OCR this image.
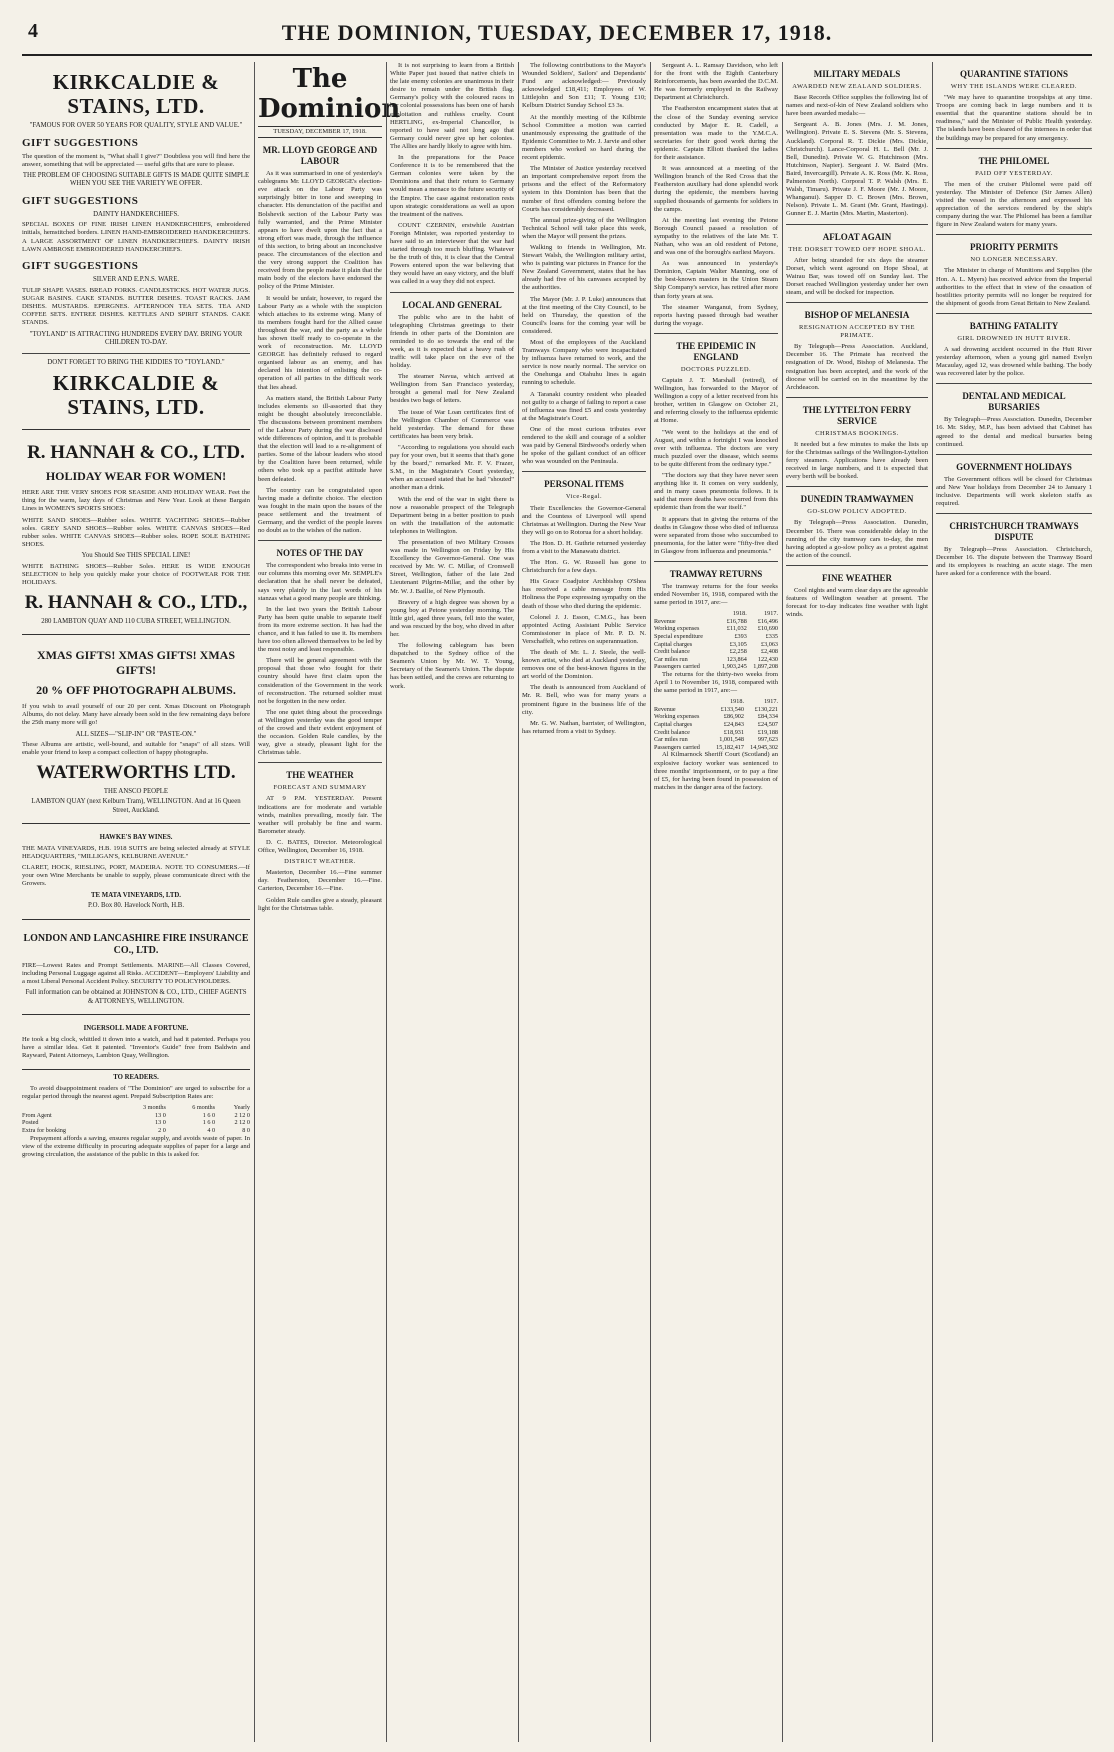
4	THE DOMINION, TUESDAY, DECEMBER 17, 1918.
KIRKCALDIE & STAINS, LTD.
"FAMOUS FOR OVER 50 YEARS FOR QUALITY, STYLE AND VALUE."
GIFT SUGGESTIONS

The question of the moment is, "What shall I give?" Doubtless you will find here the answer, something that will be appreciated — useful gifts that are sure to please.

THE PROBLEM OF CHOOSING SUITABLE GIFTS IS MADE QUITE SIMPLE WHEN YOU SEE THE VARIETY WE OFFER.
GIFT SUGGESTIONS
DAINTY HANDKERCHIEFS.

SPECIAL BOXES OF FINE IRISH LINEN HANDKERCHIEFS, embroidered initials, hemstitched borders. LINEN HAND-EMBROIDERED HANDKERCHIEFS. A LARGE ASSORTMENT OF LINEN HANDKERCHIEFS. DAINTY IRISH LAWN AMBROSE EMBROIDERED HANDKERCHIEFS.

GIFT SUGGESTIONS
SILVER AND E.P.N.S. WARE.

TULIP SHAPE VASES. BREAD FORKS. CANDLESTICKS. HOT WATER JUGS. SUGAR BASINS. CAKE STANDS. BUTTER DISHES. TOAST RACKS. JAM DISHES. MUSTARDS. EPERGNES. AFTERNOON TEA SETS. TEA AND COFFEE SETS. ENTREE DISHES. KETTLES AND SPIRIT STANDS. CAKE STANDS.

"TOYLAND" IS ATTRACTING HUNDREDS EVERY DAY. BRING YOUR CHILDREN TO-DAY.
DON'T FORGET TO BRING THE KIDDIES TO "TOYLAND."
KIRKCALDIE & STAINS, LTD.
R. HANNAH & CO., LTD.
HOLIDAY WEAR FOR WOMEN!

HERE ARE THE VERY SHOES FOR SEASIDE AND HOLIDAY WEAR. Feet the thing for the warm, lazy days of Christmas and New Year. Look at these Bargain Lines in WOMEN'S SPORTS SHOES:

WHITE SAND SHOES—Rubber soles. WHITE YACHTING SHOES—Rubber soles. GREY SAND SHOES—Rubber soles. WHITE CANVAS SHOES—Red rubber soles. WHITE CANVAS SHOES—Rubber soles. ROPE SOLE BATHING SHOES.

You Should See THIS SPECIAL LINE!

WHITE BATHING SHOES—Rubber Soles. HERE IS WIDE ENOUGH SELECTION to help you quickly make your choice of FOOTWEAR FOR THE HOLIDAYS.

R. HANNAH & CO., LTD.,
280 LAMBTON QUAY AND 110 CUBA STREET, WELLINGTON.
XMAS GIFTS! XMAS GIFTS! XMAS GIFTS!
20 % OFF PHOTOGRAPH ALBUMS.

If you wish to avail yourself of our 20 per cent. Xmas Discount on Photograph Albums, do not delay. Many have already been sold in the few remaining days before the 25th many more will go!

ALL SIZES—"SLIP-IN" OR "PASTE-ON."

These Albums are artistic, well-bound, and suitable for "snaps" of all sizes. Will enable your friend to keep a compact collection of happy photographs.

WATERWORTHS LTD.
THE ANSCO PEOPLE
LAMBTON QUAY (next Kelburn Tram), WELLINGTON. And at 16 Queen Street, Auckland.
HAWKE'S BAY WINES.

THE MATA VINEYARDS, H.B. 1918 SUITS are being selected already at STYLE HEADQUARTERS, "MILLIGAN'S, KELBURNE AVENUE."

CLARET, HOCK, RIESLING, PORT, MADEIRA. NOTE TO CONSUMERS.—If your own Wine Merchants be unable to supply, please communicate direct with the Growers.

TE MATA VINEYARDS, LTD.
P.O. Box 80. Havelock North, H.B.
LONDON AND LANCASHIRE FIRE INSURANCE CO., LTD.

FIRE—Lowest Rates and Prompt Settlements. MARINE—All Classes Covered, including Personal Luggage against all Risks. ACCIDENT—Employers' Liability and a most Liberal Personal Accident Policy. SECURITY TO POLICYHOLDERS.

Full information can be obtained at JOHNSTON & CO., LTD., CHIEF AGENTS & ATTORNEYS, WELLINGTON.
INGERSOLL MADE A FORTUNE.

He took a big clock, whittled it down into a watch, and had it patented. Perhaps you have a similar idea. Get it patented. "Inventor's Guide" free from Baldwin and Rayward, Patent Attorneys, Lambton Quay, Wellington.

TO READERS.

To avoid disappointment readers of "The Dominion" are urged to subscribe for a regular period through the nearest agent. Prepaid Subscription Rates are:

	3 months	6 months	Yearly
From Agent	13 0	1 6 0	2 12 0
Posted	13 0	1 6 0	2 12 0
Extra for booking	2 0	4 0	8 0

Prepayment affords a saving, ensures regular supply, and avoids waste of paper. In view of the extreme difficulty in procuring adequate supplies of paper for a large and growing circulation, the assistance of the public in this is asked for.

The Dominion
TUESDAY, DECEMBER 17, 1918.
MR. LLOYD GEORGE AND LABOUR

As it was summarised in one of yesterday's cablegrams Mr. LLOYD GEORGE's election-eve attack on the Labour Party was surprisingly bitter in tone and sweeping in character. His denunciation of the pacifist and Bolshevik section of the Labour Party was fully warranted, and the Prime Minister appears to have dwelt upon the fact that a strong effort was made, through the influence of this section, to bring about an inconclusive peace. The circumstances of the election and the very strong support the Coalition has received from the people make it plain that the main body of the electors have endorsed the policy of the Prime Minister.

It would be unfair, however, to regard the Labour Party as a whole with the suspicion which attaches to its extreme wing. Many of its members fought hard for the Allied cause throughout the war, and the party as a whole has shown itself ready to co-operate in the work of reconstruction. Mr. LLOYD GEORGE has definitely refused to regard organised labour as an enemy, and has declared his intention of enlisting the co-operation of all parties in the difficult work that lies ahead.

As matters stand, the British Labour Party includes elements so ill-assorted that they might be thought absolutely irreconcilable. The discussions between prominent members of the Labour Party during the war disclosed wide differences of opinion, and it is probable that the election will lead to a re-alignment of parties. Some of the labour leaders who stood by the Coalition have been returned, while others who took up a pacifist attitude have been defeated.

The country can be congratulated upon having made a definite choice. The election was fought in the main upon the issues of the peace settlement and the treatment of Germany, and the verdict of the people leaves no doubt as to the wishes of the nation.

NOTES OF THE DAY

The correspondent who breaks into verse in our columns this morning over Mr. SEMPLE's declaration that he shall never be defeated, says very plainly in the last words of his stanzas what a good many people are thinking.

In the last two years the British Labour Party has been quite unable to separate itself from its more extreme section. It has had the chance, and it has failed to use it. Its members have too often allowed themselves to be led by the most noisy and least responsible.

There will be general agreement with the proposal that those who fought for their country should have first claim upon the consideration of the Government in the work of reconstruction. The returned soldier must not be forgotten in the new order.

The one quiet thing about the proceedings at Wellington yesterday was the good temper of the crowd and their evident enjoyment of the occasion. Golden Rule candles, by the way, give a steady, pleasant light for the Christmas table.

THE WEATHER
FORECAST AND SUMMARY

AT 9 P.M. YESTERDAY. Present indications are for moderate and variable winds, mainlies prevailing, mostly fair. The weather will probably be fine and warm. Barometer steady.

D. C. BATES, Director. Meteorological Office, Wellington, December 16, 1918.

DISTRICT WEATHER.

Masterton, December 16.—Fine summer day. Featherston, December 16.—Fine. Carterton, December 16.—Fine.

Golden Rule candles give a steady, pleasant light for the Christmas table.

It is not surprising to learn from a British White Paper just issued that native chiefs in the late enemy colonies are unanimous in their desire to remain under the British flag. Germany's policy with the coloured races in her colonial possessions has been one of harsh exploitation and ruthless cruelty. Count HERTLING, ex-Imperial Chancellor, is reported to have said not long ago that Germany could never give up her colonies. The Allies are hardly likely to agree with him.

In the preparations for the Peace Conference it is to be remembered that the German colonies were taken by the Dominions and that their return to Germany would mean a menace to the future security of the Empire. The case against restoration rests upon strategic considerations as well as upon the treatment of the natives.

COUNT CZERNIN, erstwhile Austrian Foreign Minister, was reported yesterday to have said to an interviewer that the war had started through too much bluffing. Whatever be the truth of this, it is clear that the Central Powers entered upon the war believing that they would have an easy victory, and the bluff was called in a way they did not expect.

LOCAL AND GENERAL

The public who are in the habit of telegraphing Christmas greetings to their friends in other parts of the Dominion are reminded to do so towards the end of the week, as it is expected that a heavy rush of traffic will take place on the eve of the holiday.

The steamer Navua, which arrived at Wellington from San Francisco yesterday, brought a general mail for New Zealand besides two bags of letters.

The issue of War Loan certificates first of the Wellington Chamber of Commerce was held yesterday. The demand for these certificates has been very brisk.

"According to regulations you should each pay for your own, but it seems that that's gone by the board," remarked Mr. F. V. Frazer, S.M., in the Magistrate's Court yesterday, when an accused stated that he had "shouted" another man a drink.

With the end of the war in sight there is now a reasonable prospect of the Telegraph Department being in a better position to push on with the installation of the automatic telephones in Wellington.

The presentation of two Military Crosses was made in Wellington on Friday by His Excellency the Governor-General. One was received by Mr. W. C. Millar, of Cromwell Street, Wellington, father of the late 2nd Lieutenant Pilgrim-Millar, and the other by Mr. W. J. Baillie, of New Plymouth.

Bravery of a high degree was shown by a young boy at Petone yesterday morning. The little girl, aged three years, fell into the water, and was rescued by the boy, who dived in after her.

The following cablegram has been dispatched to the Sydney office of the Seamen's Union by Mr. W. T. Young, Secretary of the Seamen's Union. The dispute has been settled, and the crews are returning to work.

The following contributions to the Mayor's Wounded Soldiers', Sailors' and Dependants' Fund are acknowledged:— Previously acknowledged £18,411; Employees of W. Littlejohn and Son £11; T. Young £10; Kelburn District Sunday School £3 3s.

At the monthly meeting of the Kilbirnie School Committee a motion was carried unanimously expressing the gratitude of the Epidemic Committee to Mr. J. Jarvie and other members who worked so hard during the recent epidemic.

The Minister of Justice yesterday received an important comprehensive report from the prisons and the effect of the Reformatory system in this Dominion has been that the number of first offenders coming before the Courts has considerably decreased.

The annual prize-giving of the Wellington Technical School will take place this week, when the Mayor will present the prizes.

Walking to friends in Wellington, Mr. Stewart Walsh, the Wellington military artist, who is painting war pictures in France for the New Zealand Government, states that he has already had five of his canvases accepted by the authorities.

The Mayor (Mr. J. P. Luke) announces that at the first meeting of the City Council, to be held on Thursday, the question of the Council's loans for the coming year will be considered.

Most of the employees of the Auckland Tramways Company who were incapacitated by influenza have returned to work, and the service is now nearly normal. The service on the Onehunga and Otahuhu lines is again running to schedule.

A Taranaki country resident who pleaded not guilty to a charge of failing to report a case of influenza was fined £5 and costs yesterday at the Magistrate's Court.

One of the most curious tributes ever rendered to the skill and courage of a soldier was paid by General Birdwood's orderly when he spoke of the gallant conduct of an officer who was wounded on the Peninsula.

PERSONAL ITEMS
Vice-Regal.

Their Excellencies the Governor-General and the Countess of Liverpool will spend Christmas at Wellington. During the New Year they will go on to Rotorua for a short holiday.

The Hon. D. H. Guthrie returned yesterday from a visit to the Manawatu district.

The Hon. G. W. Russell has gone to Christchurch for a few days.

His Grace Coadjutor Archbishop O'Shea has received a cable message from His Holiness the Pope expressing sympathy on the death of those who died during the epidemic.

Colonel J. J. Esson, C.M.G., has been appointed Acting Assistant Public Service Commissioner in place of Mr. P. D. N. Verschaffelt, who retires on superannuation.

The death of Mr. L. J. Steele, the well-known artist, who died at Auckland yesterday, removes one of the best-known figures in the art world of the Dominion.

The death is announced from Auckland of Mr. R. Bell, who was for many years a prominent figure in the business life of the city.

Mr. G. W. Nathan, barrister, of Wellington, has returned from a visit to Sydney.

Sergeant A. L. Ramsay Davidson, who left for the front with the Eighth Canterbury Reinforcements, has been awarded the D.C.M. He was formerly employed in the Railway Department at Christchurch.

The Featherston encampment states that at the close of the Sunday evening service conducted by Major E. R. Cadell, a presentation was made to the Y.M.C.A. secretaries for their good work during the epidemic. Captain Elliott thanked the ladies for their assistance.

It was announced at a meeting of the Wellington branch of the Red Cross that the Featherston auxiliary had done splendid work during the epidemic, the members having supplied thousands of garments for soldiers in the camps.

At the meeting last evening the Petone Borough Council passed a resolution of sympathy to the relatives of the late Mr. T. Nathan, who was an old resident of Petone, and was one of the borough's earliest Mayors.

As was announced in yesterday's Dominion, Captain Walter Manning, one of the best-known masters in the Union Steam Ship Company's service, has retired after more than forty years at sea.

The steamer Wanganui, from Sydney, reports having passed through bad weather during the voyage.

THE EPIDEMIC IN ENGLAND
DOCTORS PUZZLED.

Captain J. T. Marshall (retired), of Wellington, has forwarded to the Mayor of Wellington a copy of a letter received from his brother, written in Glasgow on October 21, and referring closely to the influenza epidemic at Home.

"We went to the holidays at the end of August, and within a fortnight I was knocked over with influenza. The doctors are very much puzzled over the disease, which seems to be quite different from the ordinary type."

"The doctors say that they have never seen anything like it. It comes on very suddenly, and in many cases pneumonia follows. It is said that more deaths have occurred from this epidemic than from the war itself."

It appears that in giving the returns of the deaths in Glasgow those who died of influenza were separated from those who succumbed to pneumonia, for the latter were "fifty-five died in Glasgow from influenza and pneumonia."

TRAMWAY RETURNS

The tramway returns for the four weeks ended November 16, 1918, compared with the same period in 1917, are:—

	1918.	1917.
Revenue	£16,788	£16,496
Working expenses	£11,032	£10,690
Special expenditure	£393	£335
Capital charges	£3,105	£3,063
Credit balance	£2,258	£2,408
Car miles run	123,864	122,430
Passengers carried	1,903,245	1,897,208

The returns for the thirty-two weeks from April 1 to November 16, 1918, compared with the same period in 1917, are:—

	1918.	1917.
Revenue	£133,540	£130,221
Working expenses	£86,902	£84,334
Capital charges	£24,843	£24,507
Credit balance	£18,931	£19,188
Car miles run	1,001,548	997,623
Passengers carried	15,182,417	14,945,302

Al Kilmarnock Sheriff Court (Scotland) an explosive factory worker was sentenced to three months' imprisonment, or to pay a fine of £5, for having been found in possession of matches in the danger area of the factory.

MILITARY MEDALS
AWARDED NEW ZEALAND SOLDIERS.

Base Records Office supplies the following list of names and next-of-kin of New Zealand soldiers who have been awarded medals:—

Sergeant A. B. Jones (Mrs. J. M. Jones, Wellington). Private E. S. Stevens (Mr. S. Stevens, Auckland). Corporal R. T. Dickie (Mrs. Dickie, Christchurch). Lance-Corporal H. L. Bell (Mr. J. Bell, Dunedin). Private W. G. Hutchinson (Mrs. Hutchinson, Napier). Sergeant J. W. Baird (Mrs. Baird, Invercargill). Private A. K. Ross (Mr. K. Ross, Palmerston North). Corporal T. P. Walsh (Mrs. E. Walsh, Timaru). Private J. F. Moore (Mr. J. Moore, Whanganui). Sapper D. C. Brown (Mrs. Brown, Nelson). Private L. M. Grant (Mr. Grant, Hastings). Gunner E. J. Martin (Mrs. Martin, Masterton).

AFLOAT AGAIN
THE DORSET TOWED OFF HOPE SHOAL.

After being stranded for six days the steamer Dorset, which went aground on Hope Shoal, at Wairau Bar, was towed off on Sunday last. The Dorset reached Wellington yesterday under her own steam, and will be docked for inspection.

BISHOP OF MELANESIA
RESIGNATION ACCEPTED BY THE PRIMATE.

By Telegraph—Press Association. Auckland, December 16. The Primate has received the resignation of Dr. Wood, Bishop of Melanesia. The resignation has been accepted, and the work of the diocese will be carried on in the meantime by the Archdeacon.

THE LYTTELTON FERRY SERVICE
CHRISTMAS BOOKINGS.

It needed but a few minutes to make the lists up for the Christmas sailings of the Wellington-Lyttelton ferry steamers. Applications have already been received in large numbers, and it is expected that every berth will be booked.

DUNEDIN TRAMWAYMEN
GO-SLOW POLICY ADOPTED.

By Telegraph—Press Association. Dunedin, December 16. There was considerable delay in the running of the city tramway cars to-day, the men having adopted a go-slow policy as a protest against the action of the council.

FINE WEATHER

Cool nights and warm clear days are the agreeable features of Wellington weather at present. The forecast for to-day indicates fine weather with light winds.

QUARANTINE STATIONS
WHY THE ISLANDS WERE CLEARED.

"We may have to quarantine troopships at any time. Troops are coming back in large numbers and it is essential that the quarantine stations should be in readiness," said the Minister of Public Health yesterday. The islands have been cleared of the internees in order that the buildings may be prepared for any emergency.

THE PHILOMEL
PAID OFF YESTERDAY.

The men of the cruiser Philomel were paid off yesterday. The Minister of Defence (Sir James Allen) visited the vessel in the afternoon and expressed his appreciation of the services rendered by the ship's company during the war. The Philomel has been a familiar figure in New Zealand waters for many years.

PRIORITY PERMITS
NO LONGER NECESSARY.

The Minister in charge of Munitions and Supplies (the Hon. A. L. Myers) has received advice from the Imperial authorities to the effect that in view of the cessation of hostilities priority permits will no longer be required for the shipment of goods from Great Britain to New Zealand.

BATHING FATALITY
GIRL DROWNED IN HUTT RIVER.

A sad drowning accident occurred in the Hutt River yesterday afternoon, when a young girl named Evelyn Macaulay, aged 12, was drowned while bathing. The body was recovered later by the police.

DENTAL AND MEDICAL BURSARIES

By Telegraph—Press Association. Dunedin, December 16. Mr. Sidey, M.P., has been advised that Cabinet has agreed to the dental and medical bursaries being continued.

GOVERNMENT HOLIDAYS

The Government offices will be closed for Christmas and New Year holidays from December 24 to January 1 inclusive. Departments will work skeleton staffs as required.

CHRISTCHURCH TRAMWAYS DISPUTE

By Telegraph—Press Association. Christchurch, December 16. The dispute between the Tramway Board and its employees is reaching an acute stage. The men have asked for a conference with the board.
